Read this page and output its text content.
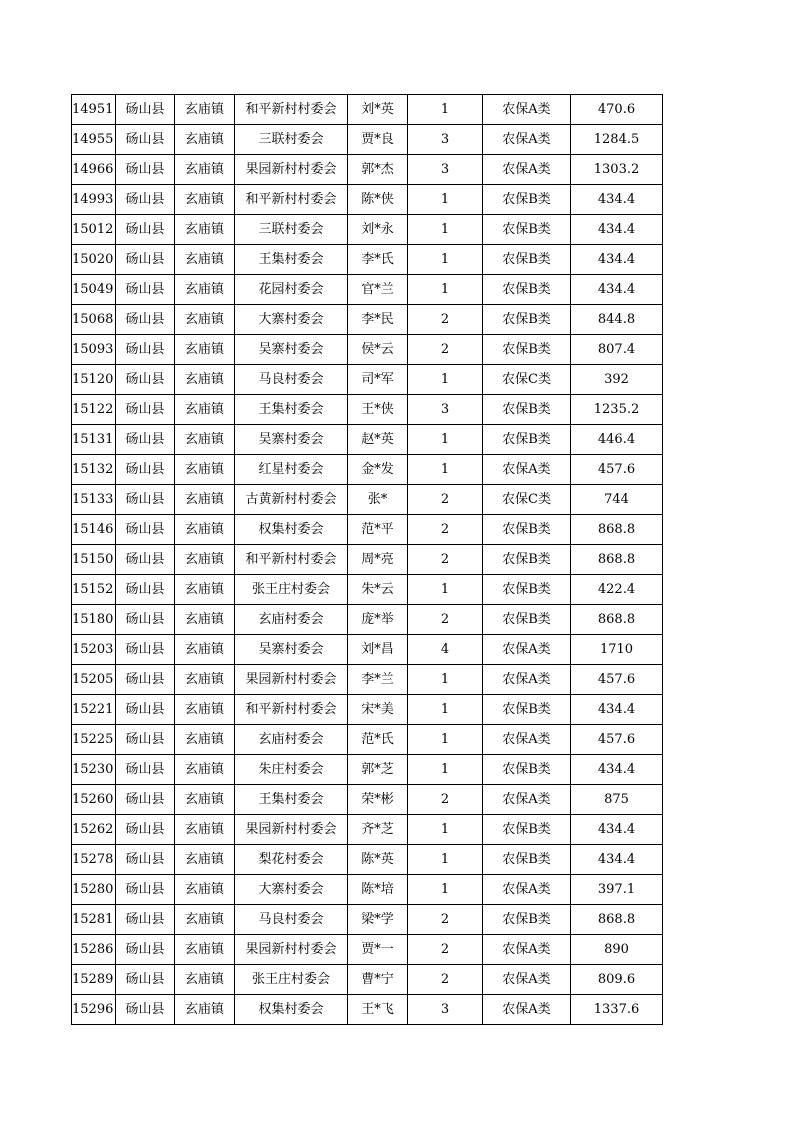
14951	砀山县	玄庙镇	和平新村村委会	刘*英	1	农保A类	470.6
14955	砀山县	玄庙镇	三联村委会	贾*良	3	农保A类	1284.5
14966	砀山县	玄庙镇	果园新村村委会	郭*杰	3	农保A类	1303.2
14993	砀山县	玄庙镇	和平新村村委会	陈*侠	1	农保B类	434.4
15012	砀山县	玄庙镇	三联村委会	刘*永	1	农保B类	434.4
15020	砀山县	玄庙镇	王集村委会	李*氏	1	农保B类	434.4
15049	砀山县	玄庙镇	花园村委会	官*兰	1	农保B类	434.4
15068	砀山县	玄庙镇	大寨村委会	李*民	2	农保B类	844.8
15093	砀山县	玄庙镇	吴寨村委会	侯*云	2	农保B类	807.4
15120	砀山县	玄庙镇	马良村委会	司*军	1	农保C类	392
15122	砀山县	玄庙镇	王集村委会	王*侠	3	农保B类	1235.2
15131	砀山县	玄庙镇	吴寨村委会	赵*英	1	农保B类	446.4
15132	砀山县	玄庙镇	红星村委会	金*发	1	农保A类	457.6
15133	砀山县	玄庙镇	古黄新村村委会	张*	2	农保C类	744
15146	砀山县	玄庙镇	权集村委会	范*平	2	农保B类	868.8
15150	砀山县	玄庙镇	和平新村村委会	周*亮	2	农保B类	868.8
15152	砀山县	玄庙镇	张王庄村委会	朱*云	1	农保B类	422.4
15180	砀山县	玄庙镇	玄庙村委会	庞*举	2	农保B类	868.8
15203	砀山县	玄庙镇	吴寨村委会	刘*昌	4	农保A类	1710
15205	砀山县	玄庙镇	果园新村村委会	李*兰	1	农保A类	457.6
15221	砀山县	玄庙镇	和平新村村委会	宋*美	1	农保B类	434.4
15225	砀山县	玄庙镇	玄庙村委会	范*氏	1	农保A类	457.6
15230	砀山县	玄庙镇	朱庄村委会	郭*芝	1	农保B类	434.4
15260	砀山县	玄庙镇	王集村委会	荣*彬	2	农保A类	875
15262	砀山县	玄庙镇	果园新村村委会	齐*芝	1	农保B类	434.4
15278	砀山县	玄庙镇	梨花村委会	陈*英	1	农保B类	434.4
15280	砀山县	玄庙镇	大寨村委会	陈*培	1	农保A类	397.1
15281	砀山县	玄庙镇	马良村委会	梁*学	2	农保B类	868.8
15286	砀山县	玄庙镇	果园新村村委会	贾*一	2	农保A类	890
15289	砀山县	玄庙镇	张王庄村委会	曹*宁	2	农保A类	809.6
15296	砀山县	玄庙镇	权集村委会	王*飞	3	农保A类	1337.6
